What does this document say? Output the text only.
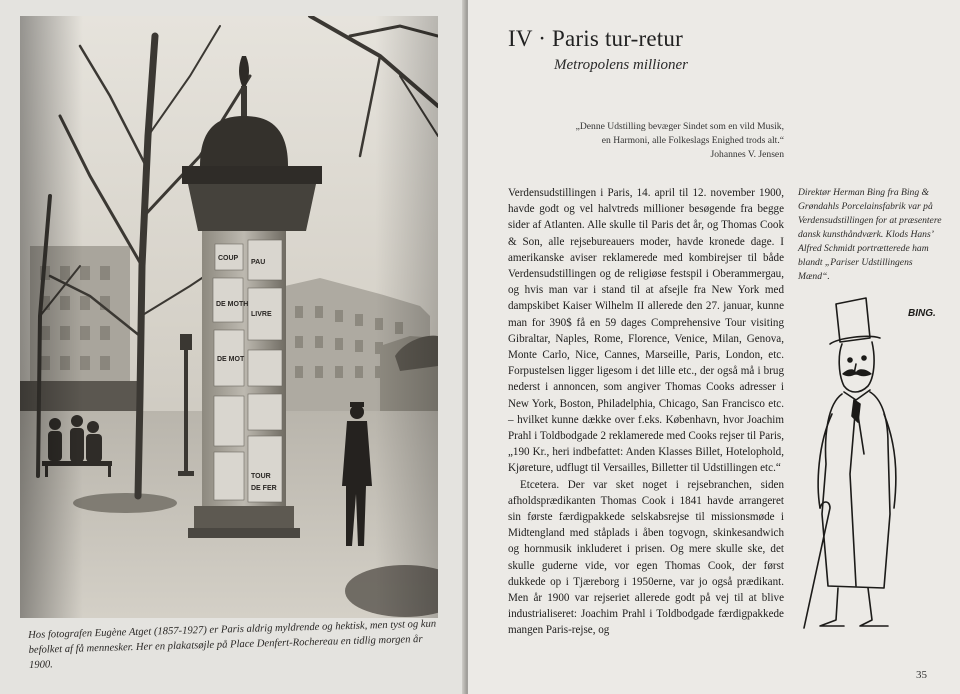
Hos fotografen Eugène Atget (1857-1927) er Paris aldrig myldrende og hektisk, men tyst og kun befolket af få mennesker. Her en plakatsøjle på Place Denfert-Rochereau en tidlig morgen år 1900.
IV · Paris tur-retur
Metropolens millioner

„Denne Udstilling bevæger Sindet som en vild Musik,

en Harmoni, alle Folkeslags Enighed trods alt.“

Johannes V. Jensen

Verdensudstillingen i Paris, 14. april til 12. november 1900, havde godt og vel halvtreds millioner besøgende fra begge sider af Atlanten. Alle skulle til Paris det år, og Thomas Cook & Son, alle rejsebureauers moder, havde kronede dage. I amerikanske aviser reklamerede med kombirejser til både Verdensudstillingen og de religiøse festspil i Oberammergau, og hvis man var i stand til at afsejle fra New York med dampskibet Kaiser Wilhelm II allerede den 27. januar, kunne man for 390$ få en 59 dages Comprehensive Tour visiting Gibraltar, Naples, Rome, Florence, Venice, Milan, Genova, Monte Carlo, Nice, Cannes, Marseille, Paris, London, etc. Forpustelsen ligger ligesom i det lille etc., der også må i brug nederst i annoncen, som angiver Thomas Cooks adresser i New York, Boston, Philadelphia, Chicago, San Francisco etc. – hvilket kunne dække over f.eks. København, hvor Joachim Prahl i Toldbodgade 2 reklamerede med Cooks rejser til Paris, „190 Kr., heri indbefattet: Anden Klasses Billet, Hotelophold, Kjøreture, udflugt til Versailles, Billetter til Udstillingen etc.“

Etcetera. Der var sket noget i rejsebranchen, siden afholdsprædikanten Thomas Cook i 1841 havde arrangeret sin første færdigpakkede selskabsrejse til missionsmøde i Midtengland med ståplads i åben togvogn, skinkesandwich og hornmusik inkluderet i prisen. Og mere skulle ske, det skulle guderne vide, vor egen Thomas Cook, der først dukkede op i Tjæreborg i 1950erne, var jo også prædikant. Men år 1900 var rejseriet allerede godt på vej til at blive industrialiseret: Joachim Prahl i Toldbodgade færdigpakkede mangen Paris-rejse, og

Direktør Herman Bing fra Bing & Grøndahls Porcelainsfabrik var på Verdensudstillingen for at præsentere dansk kunsthåndværk. Klods Hans’ Alfred Schmidt portrætterede ham blandt „Pariser Udstillingens Mænd“.
BING.
35
